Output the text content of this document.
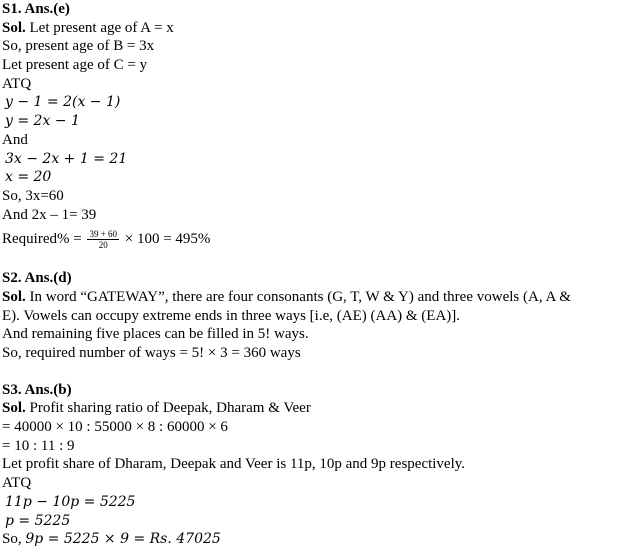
S1. Ans.(e)
Sol. Let present age of A = x
So, present age of B = 3x
Let present age of C = y
ATQ
y − 1 = 2(x − 1)
y = 2x − 1
And
3x − 2x + 1 = 21
x = 20
So, 3x=60
And 2x – 1= 39
Required% = $\frac{39 + 60}{20} \times 100 = 495\%$
S2. Ans.(d)
Sol. In word “GATEWAY”, there are four consonants (G, T, W & Y) and three vowels (A, A &
E). Vowels can occupy extreme ends in three ways [i.e, (AE) (AA) & (EA)].
And remaining five places can be filled in 5! ways.
So, required number of ways = 5! × 3 = 360 ways
S3. Ans.(b)
Sol. Profit sharing ratio of Deepak, Dharam & Veer
= 40000 × 10 : 55000 × 8 : 60000 × 6
= 10 : 11 : 9
Let profit share of Dharam, Deepak and Veer is 11p, 10p and 9p respectively.
ATQ
11p − 10p = 5225
p = 5225
So, 9p = 5225 × 9 = Rs. 47025
